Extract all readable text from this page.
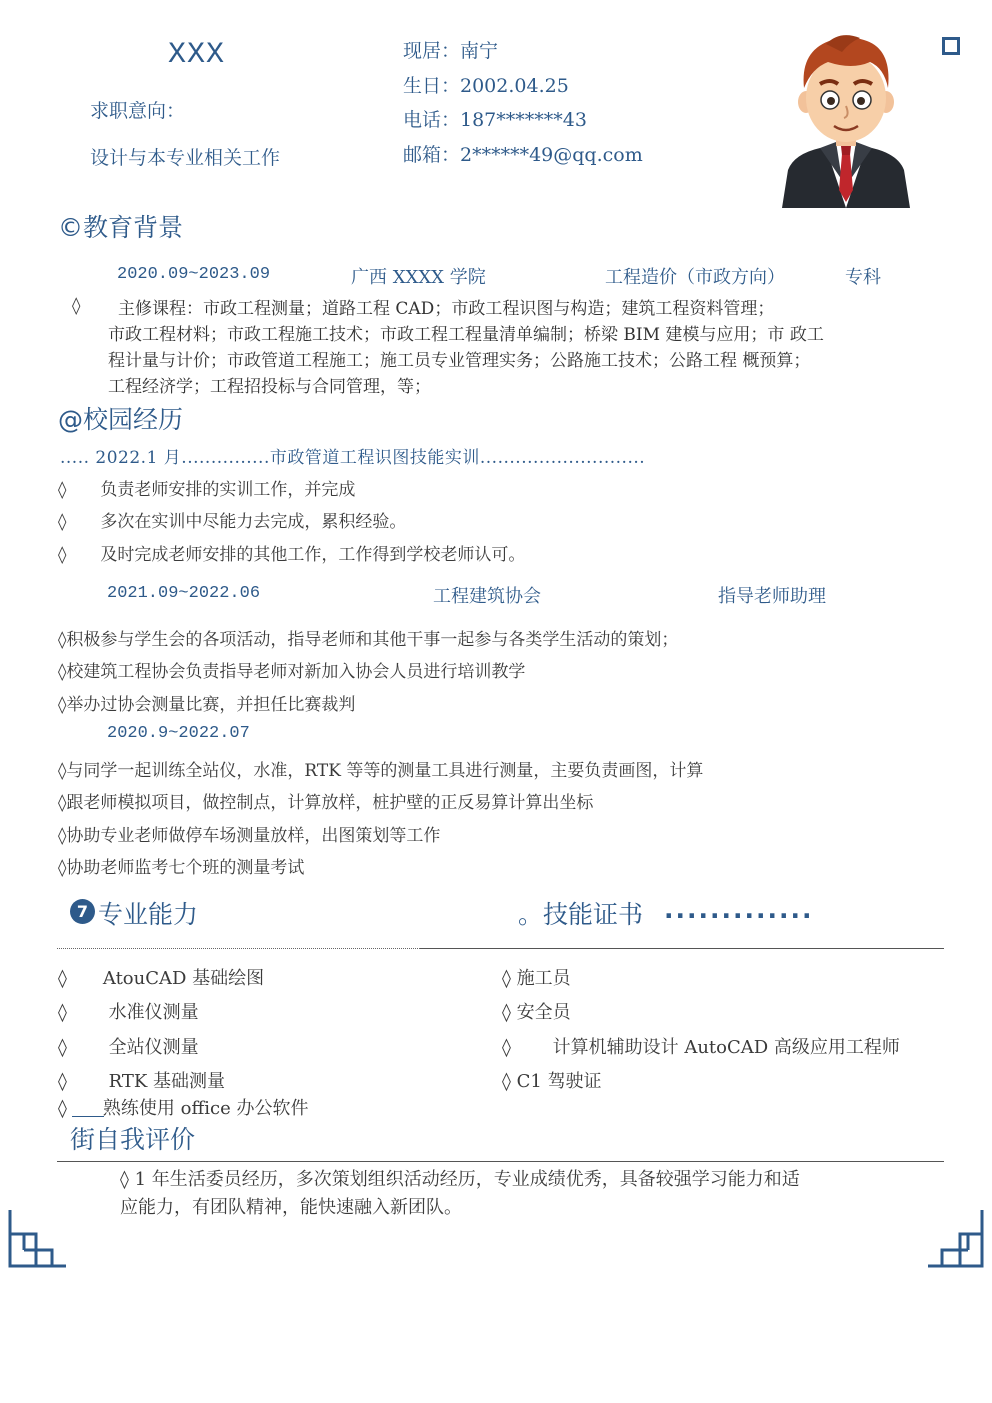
XXX
求职意向：
设计与本专业相关工作
现居：南宁
生日：2002.04.25
电话：187*******43
邮箱：2******49@qq.com
©教育背景
2020.09~2023.09	广西 XXXX 学院	工程造价（市政方向）	专科
◊	主修课程：市政工程测量；道路工程 CAD；市政工程识图与构造；建筑工程资料管理；

市政工程材料；市政工程施工技术；市政工程工程量清单编制；桥梁 BIM 建模与应用；市 政工

程计量与计价；市政管道工程施工；施工员专业管理实务；公路施工技术；公路工程 概预算；

工程经济学；工程招投标与合同管理，等；

@校园经历
..... 2022.1 月...............市政管道工程识图技能实训............................
◊　　负责老师安排的实训工作，并完成
◊　　多次在实训中尽能力去完成，累积经验。
◊　　及时完成老师安排的其他工作，工作得到学校老师认可。
2021.09~2022.06	工程建筑协会	指导老师助理
◊积极参与学生会的各项活动，指导老师和其他干事一起参与各类学生活动的策划；
◊校建筑工程协会负责指导老师对新加入协会人员进行培训教学
◊举办过协会测量比赛，并担任比赛裁判
2020.9~2022.07
◊与同学一起训练全站仪，水准，RTK 等等的测量工具进行测量，主要负责画图，计算
◊跟老师模拟项目，做控制点，计算放样，桩护壁的正反易算计算出坐标
◊协助专业老师做停车场测量放样，出图策划等工作
◊协助老师监考七个班的测量考试
7 专业能力	。技能证书 .............
◊　　AtouCAD 基础绘图
◊　　 水准仪测量
◊　　 全站仪测量
◊　　 RTK 基础测量
◊　　熟练使用 office 办公软件
◊ 施工员
◊ 安全员
◊　　 计算机辅助设计 AutoCAD 高级应用工程师
◊ C1 驾驶证
街自我评价
◊ 1 年生活委员经历，多次策划组织活动经历，专业成绩优秀，具备较强学习能力和适
应能力，有团队精神，能快速融入新团队。
